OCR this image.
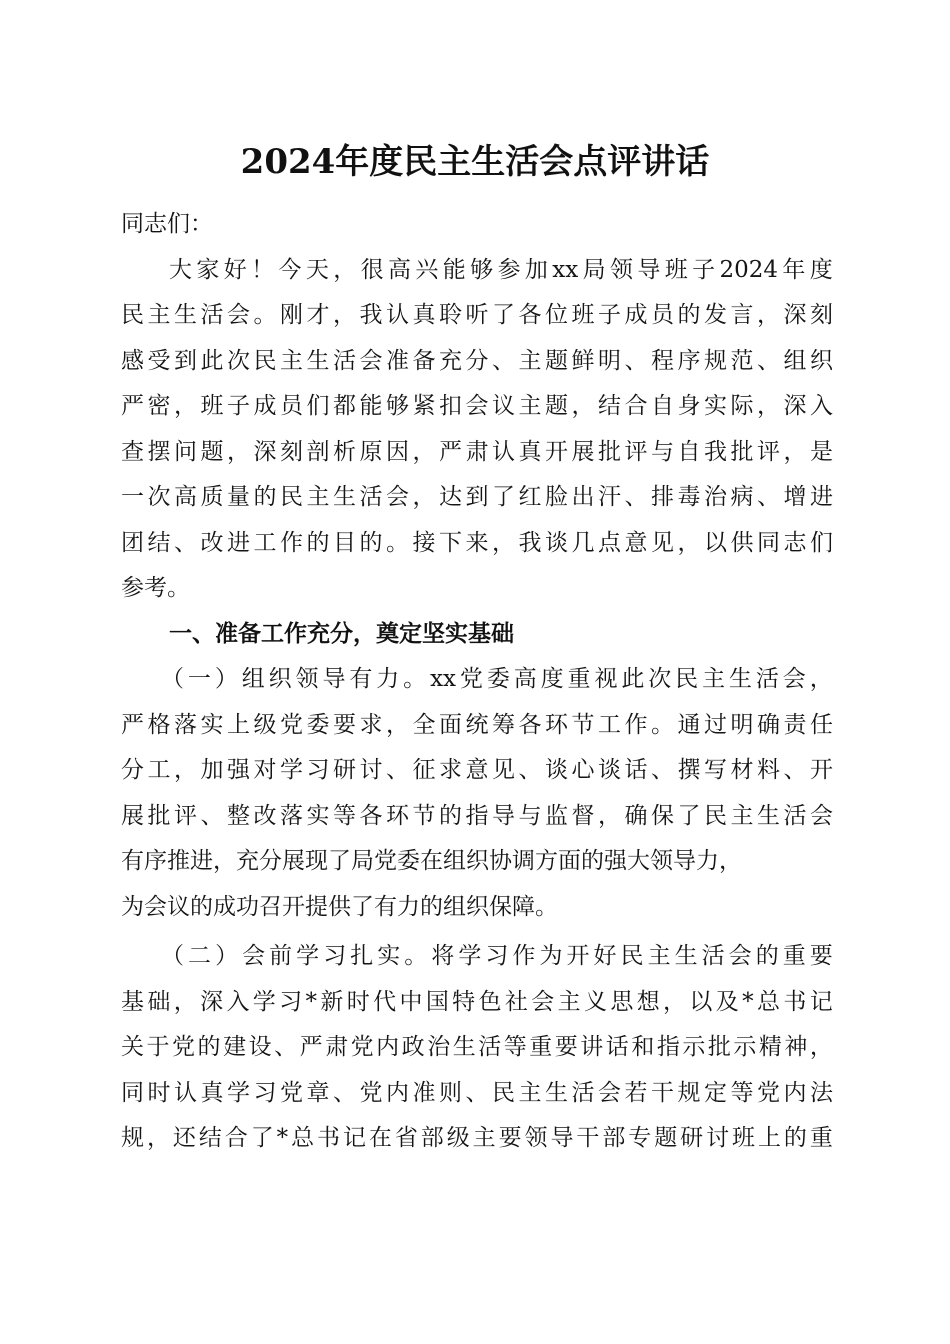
2024年度民主生活会点评讲话
同志们：
大 家 好 ！ 今 天 ， 很 高 兴 能 够 参 加 xx 局 领 导 班 子 2024 年 度
民 主 生 活 会 。 刚 才 ， 我 认 真 聆 听 了 各 位 班 子 成 员 的 发 言 ， 深 刻
感 受 到 此 次 民 主 生 活 会 准 备 充 分 、 主 题 鲜 明 、 程 序 规 范 、 组 织
严 密 ， 班 子 成 员 们 都 能 够 紧 扣 会 议 主 题 ， 结 合 自 身 实 际 ， 深 入
查 摆 问 题 ， 深 刻 剖 析 原 因 ， 严 肃 认 真 开 展 批 评 与 自 我 批 评 ， 是
一 次 高 质 量 的 民 主 生 活 会 ， 达 到 了 红 脸 出 汗 、 排 毒 治 病 、 增 进
团 结 、 改 进 工 作 的 目 的 。 接 下 来 ， 我 谈 几 点 意 见 ， 以 供 同 志 们
参考。
一、准备工作充分，奠定坚实基础
（ 一 ） 组 织 领 导 有 力 。 xx 党 委 高 度 重 视 此 次 民 主 生 活 会 ，
严 格 落 实 上 级 党 委 要 求 ， 全 面 统 筹 各 环 节 工 作 。 通 过 明 确 责 任
分 工 ， 加 强 对 学 习 研 讨 、 征 求 意 见 、 谈 心 谈 话 、 撰 写 材 料 、 开
展 批 评 、 整 改 落 实 等 各 环 节 的 指 导 与 监 督 ， 确 保 了 民 主 生 活 会
有序推进，充分展现了局党委在组织协调方面的强大领导力，
为会议的成功召开提供了有力的组织保障。
（ 二 ） 会 前 学 习 扎 实 。 将 学 习 作 为 开 好 民 主 生 活 会 的 重 要
基 础 ， 深 入 学 习 * 新 时 代 中 国 特 色 社 会 主 义 思 想 ， 以 及 * 总 书 记
关 于 党 的 建 设 、 严 肃 党 内 政 治 生 活 等 重 要 讲 话 和 指 示 批 示 精 神 ，
同 时 认 真 学 习 党 章 、 党 内 准 则 、 民 主 生 活 会 若 干 规 定 等 党 内 法
规 ， 还 结 合 了 * 总 书 记 在 省 部 级 主 要 领 导 干 部 专 题 研 讨 班 上 的 重
